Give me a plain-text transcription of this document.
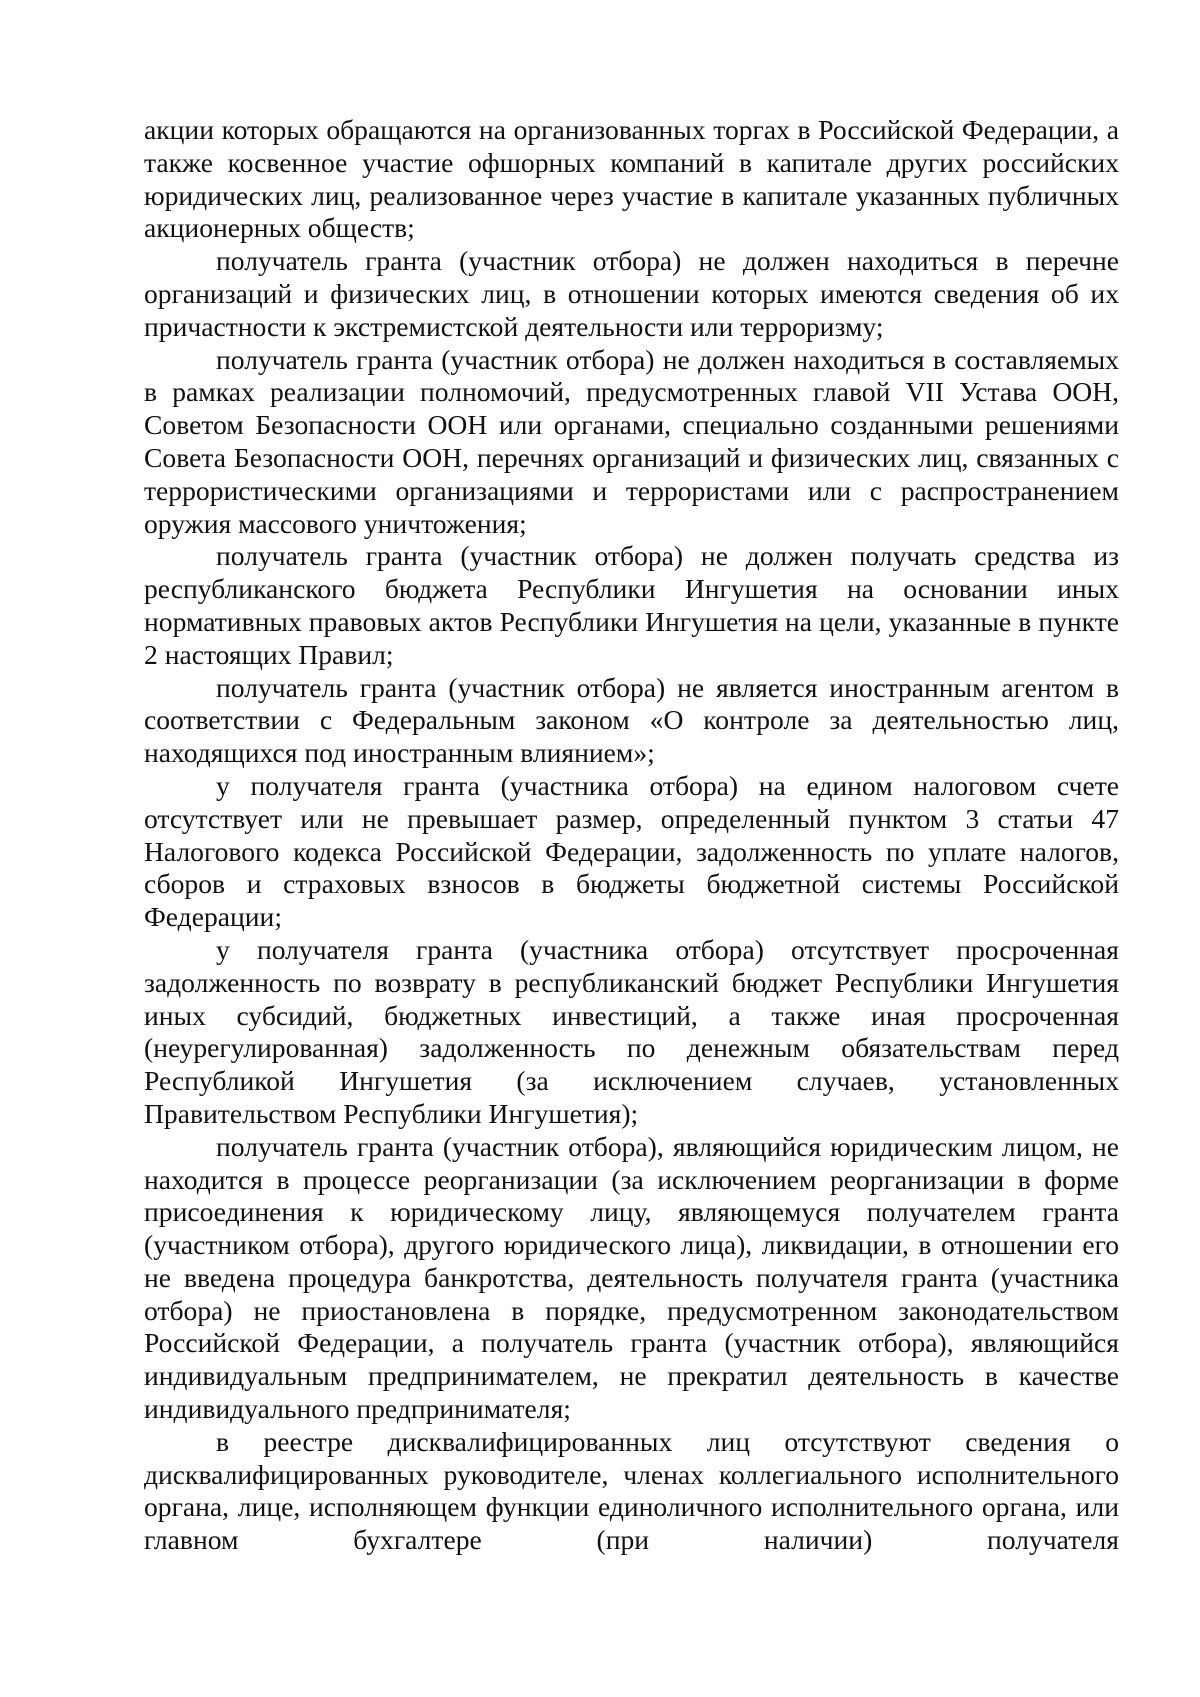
акции которых обращаются на организованных торгах в Российской Федерации, а также косвенное участие офшорных компаний в капитале других российских юридических лиц, реализованное через участие в капитале указанных публичных акционерных обществ;

получатель гранта (участник отбора) не должен находиться в перечне организаций и физических лиц, в отношении которых имеются сведения об их причастности к экстремистской деятельности или терроризму;

получатель гранта (участник отбора) не должен находиться в составляемых в рамках реализации полномочий, предусмотренных главой VII Устава ООН, Советом Безопасности ООН или органами, специально созданными решениями Совета Безопасности ООН, перечнях организаций и физических лиц, связанных с террористическими организациями и террористами или с распространением оружия массового уничтожения;

получатель гранта (участник отбора) не должен получать средства из республиканского бюджета Республики Ингушетия на основании иных нормативных правовых актов Республики Ингушетия на цели, указанные в пункте 2 настоящих Правил;

получатель гранта (участник отбора) не является иностранным агентом в соответствии с Федеральным законом «О контроле за деятельностью лиц, находящихся под иностранным влиянием»;

у получателя гранта (участника отбора) на едином налоговом счете отсутствует или не превышает размер, определенный пунктом 3 статьи 47 Налогового кодекса Российской Федерации, задолженность по уплате налогов, сборов и страховых взносов в бюджеты бюджетной системы Российской Федерации;

у получателя гранта (участника отбора) отсутствует просроченная задолженность по возврату в республиканский бюджет Республики Ингушетия иных субсидий, бюджетных инвестиций, а также иная просроченная (неурегулированная) задолженность по денежным обязательствам перед Республикой Ингушетия (за исключением случаев, установленных Правительством Республики Ингушетия);

получатель гранта (участник отбора), являющийся юридическим лицом, не находится в процессе реорганизации (за исключением реорганизации в форме присоединения к юридическому лицу, являющемуся получателем гранта (участником отбора), другого юридического лица), ликвидации, в отношении его не введена процедура банкротства, деятельность получателя гранта (участника отбора) не приостановлена в порядке, предусмотренном законодательством Российской Федерации, а получатель гранта (участник отбора), являющийся индивидуальным предпринимателем, не прекратил деятельность в качестве индивидуального предпринимателя;

в реестре дисквалифицированных лиц отсутствуют сведения о дисквалифицированных руководителе, членах коллегиального исполнительного органа, лице, исполняющем функции единоличного исполнительного органа, или главном бухгалтере (при наличии) получателя
